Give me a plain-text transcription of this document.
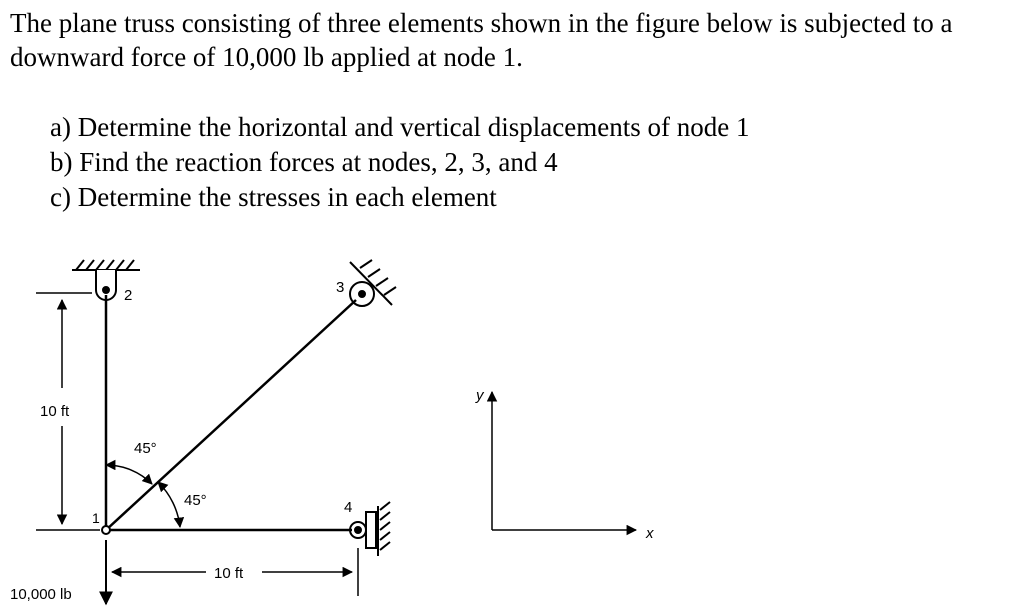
The plane truss consisting of three elements shown in the figure below is subjected to a downward force of 10,000 lb applied at node 1.

a) Determine the horizontal and vertical displacements of node 1
b) Find the reaction forces at nodes, 2, 3, and 4
c) Determine the stresses in each element
10 ft
10 ft
45°
45°
1
2	3
4
10,000 lb
y
x
